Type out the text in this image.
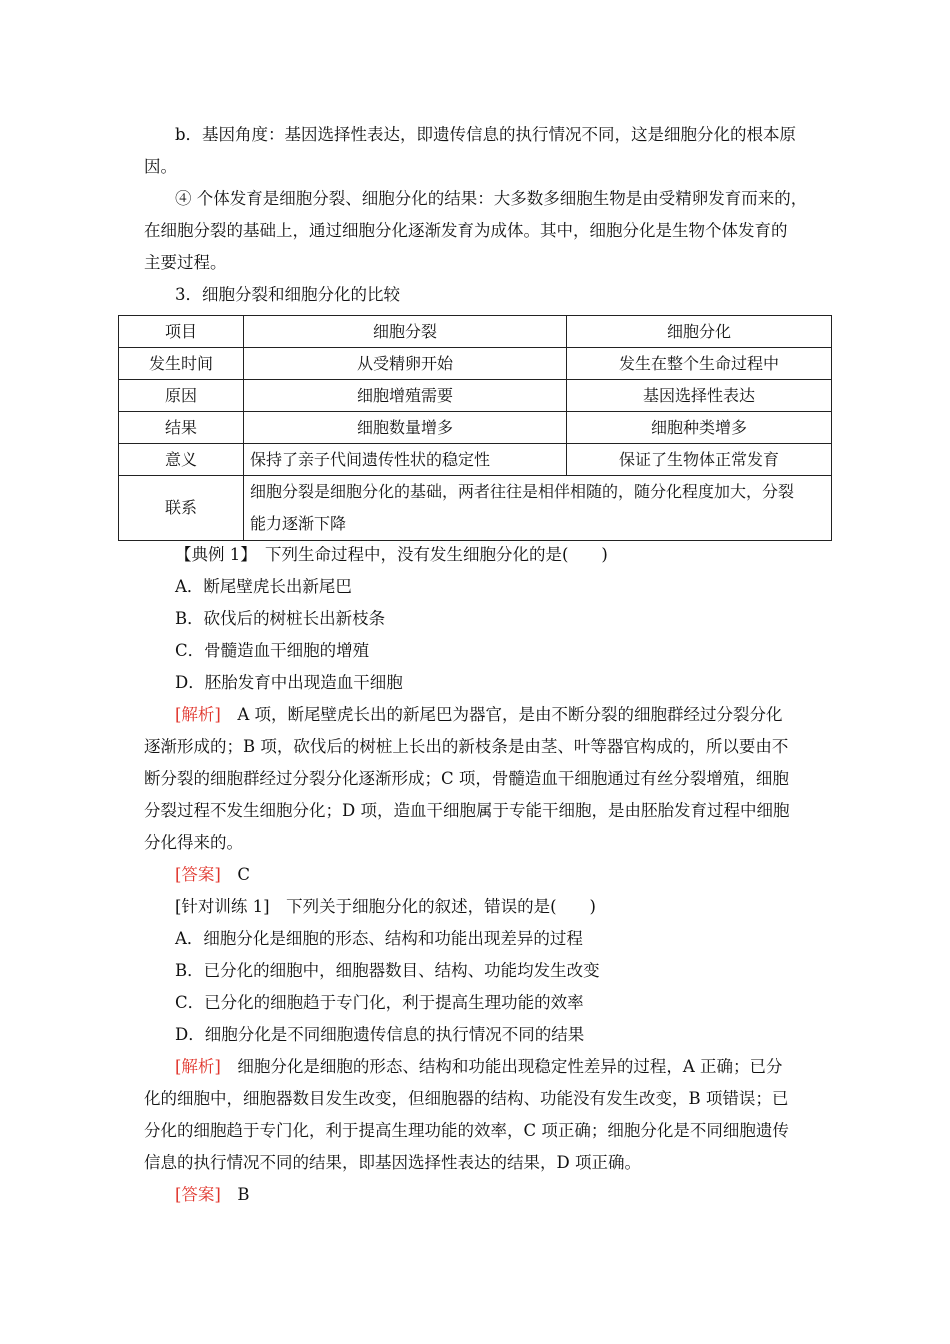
b．基因角度：基因选择性表达，即遗传信息的执行情况不同，这是细胞分化的根本原
因。
④ 个体发育是细胞分裂、细胞分化的结果：大多数多细胞生物是由受精卵发育而来的，
在细胞分裂的基础上，通过细胞分化逐渐发育为成体。其中，细胞分化是生物个体发育的
主要过程。
3．细胞分裂和细胞分化的比较
项目	细胞分裂	细胞分化
发生时间	从受精卵开始	发生在整个生命过程中
原因	细胞增殖需要	基因选择性表达
结果	细胞数量增多	细胞种类增多
意义	保持了亲子代间遗传性状的稳定性	保证了生物体正常发育
联系	细胞分裂是细胞分化的基础，两者往往是相伴相随的，随分化程度加大，分裂
能力逐渐下降	
【典例 1】　下列生命过程中，没有发生细胞分化的是(　　)
A．断尾壁虎长出新尾巴
B．砍伐后的树桩长出新枝条
C．骨髓造血干细胞的增殖
D．胚胎发育中出现造血干细胞
[解析]　A 项，断尾壁虎长出的新尾巴为器官，是由不断分裂的细胞群经过分裂分化
逐渐形成的；B 项，砍伐后的树桩上长出的新枝条是由茎、叶等器官构成的，所以要由不
断分裂的细胞群经过分裂分化逐渐形成；C 项，骨髓造血干细胞通过有丝分裂增殖，细胞
分裂过程不发生细胞分化；D 项，造血干细胞属于专能干细胞，是由胚胎发育过程中细胞
分化得来的。
[答案]　C
[针对训练 1]　下列关于细胞分化的叙述，错误的是(　　)
A．细胞分化是细胞的形态、结构和功能出现差异的过程
B．已分化的细胞中，细胞器数目、结构、功能均发生改变
C．已分化的细胞趋于专门化，利于提高生理功能的效率
D．细胞分化是不同细胞遗传信息的执行情况不同的结果
[解析]　细胞分化是细胞的形态、结构和功能出现稳定性差异的过程，A 正确；已分
化的细胞中，细胞器数目发生改变，但细胞器的结构、功能没有发生改变，B 项错误；已
分化的细胞趋于专门化，利于提高生理功能的效率，C 项正确；细胞分化是不同细胞遗传
信息的执行情况不同的结果，即基因选择性表达的结果，D 项正确。
[答案]　B
